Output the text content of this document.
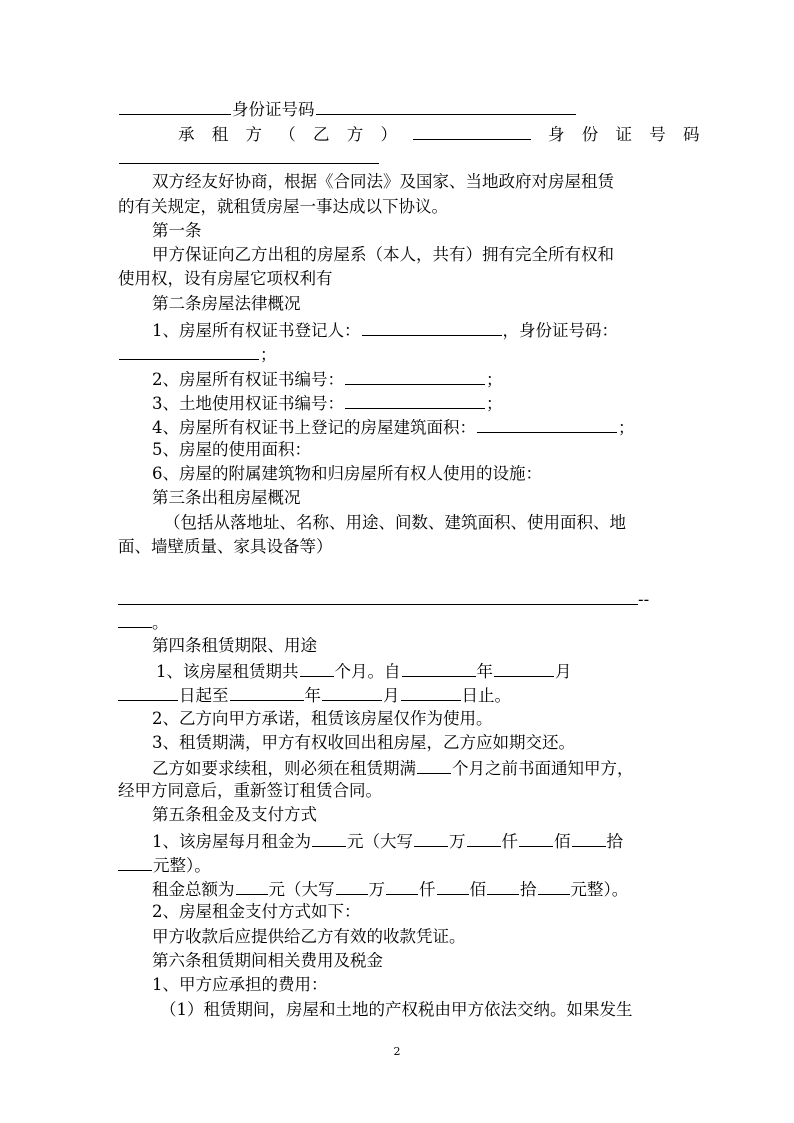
身份证号码
承 租 方 （ 乙 方 ）	身 份 证 号 码
双方经友好协商，根据《合同法》及国家、当地政府对房屋租赁
的有关规定，就租赁房屋一事达成以下协议。
第一条
甲方保证向乙方出租的房屋系（本人，共有）拥有完全所有权和
使用权，设有房屋它项权利有
第二条房屋法律概况
1、房屋所有权证书登记人：	，身份证号码：
；
2、房屋所有权证书编号：	；
3、土地使用权证书编号：	；
4、房屋所有权证书上登记的房屋建筑面积：	；
5、房屋的使用面积：
6、房屋的附属建筑物和归房屋所有权人使用的设施：
第三条出租房屋概况
（包括从落地址、名称、用途、间数、建筑面积、使用面积、地
面、墙壁质量、家具设备等）
--
。
第四条租赁期限、用途
1、该房屋租赁期共 个月。自	年	月
日起至	年	月	日止。
2、乙方向甲方承诺，租赁该房屋仅作为使用。
3、租赁期满，甲方有权收回出租房屋，乙方应如期交还。
乙方如要求续租，则必须在租赁期满 个月之前书面通知甲方，
经甲方同意后，重新签订租赁合同。
第五条租金及支付方式
1、该房屋每月租金为 元（大写 万 仟 佰 拾
元整）。
租金总额为 元（大写 万 仟 佰 拾 元整）。
2、房屋租金支付方式如下：
甲方收款后应提供给乙方有效的收款凭证。
第六条租赁期间相关费用及税金
1、甲方应承担的费用：
（1）租赁期间，房屋和土地的产权税由甲方依法交纳。如果发生
2
